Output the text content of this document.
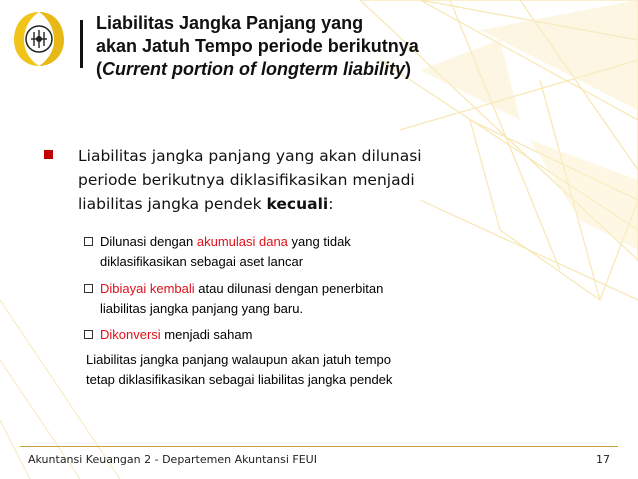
Liabilitas Jangka Panjang yang
akan Jatuh Tempo periode berikutnya
(Current portion of longterm liability)
Liabilitas jangka panjang yang akan dilunasi
periode berikutnya diklasifikasikan menjadi
liabilitas jangka pendek kecuali:
Dilunasi dengan akumulasi dana yang tidak
diklasifikasikan sebagai aset lancar
Dibiayai kembali atau dilunasi dengan penerbitan
liabilitas jangka panjang yang baru.
Dikonversi menjadi saham
Liabilitas jangka panjang walaupun akan jatuh tempo
tetap diklasifikasikan sebagai liabilitas jangka pendek
Akuntansi Keuangan 2 - Departemen Akuntansi FEUI	17
